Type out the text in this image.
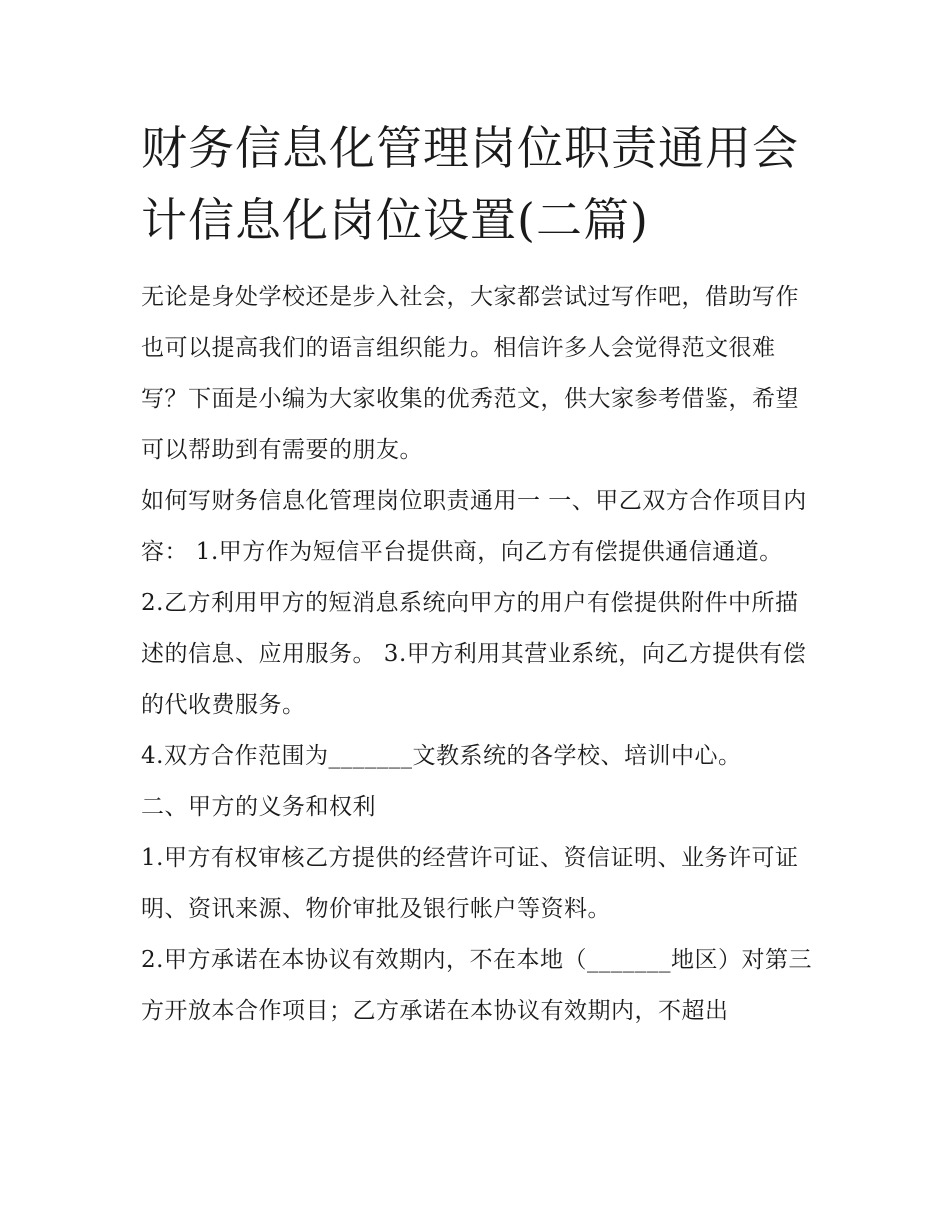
财务信息化管理岗位职责通用会计信息化岗位设置(二篇)

无论是身处学校还是步入社会，大家都尝试过写作吧，借助写作也可以提高我们的语言组织能力。相信许多人会觉得范文很难写？下面是小编为大家收集的优秀范文，供大家参考借鉴，希望可以帮助到有需要的朋友。

如何写财务信息化管理岗位职责通用一 一、甲乙双方合作项目内容： 1.甲方作为短信平台提供商，向乙方有偿提供通信通道。

2.乙方利用甲方的短消息系统向甲方的用户有偿提供附件中所描述的信息、应用服务。 3.甲方利用其营业系统，向乙方提供有偿的代收费服务。

4.双方合作范围为_______文教系统的各学校、培训中心。

二、甲方的义务和权利

1.甲方有权审核乙方提供的经营许可证、资信证明、业务许可证明、资讯来源、物价审批及银行帐户等资料。

2.甲方承诺在本协议有效期内，不在本地（_______地区）对第三方开放本合作项目；乙方承诺在本协议有效期内，不超出
